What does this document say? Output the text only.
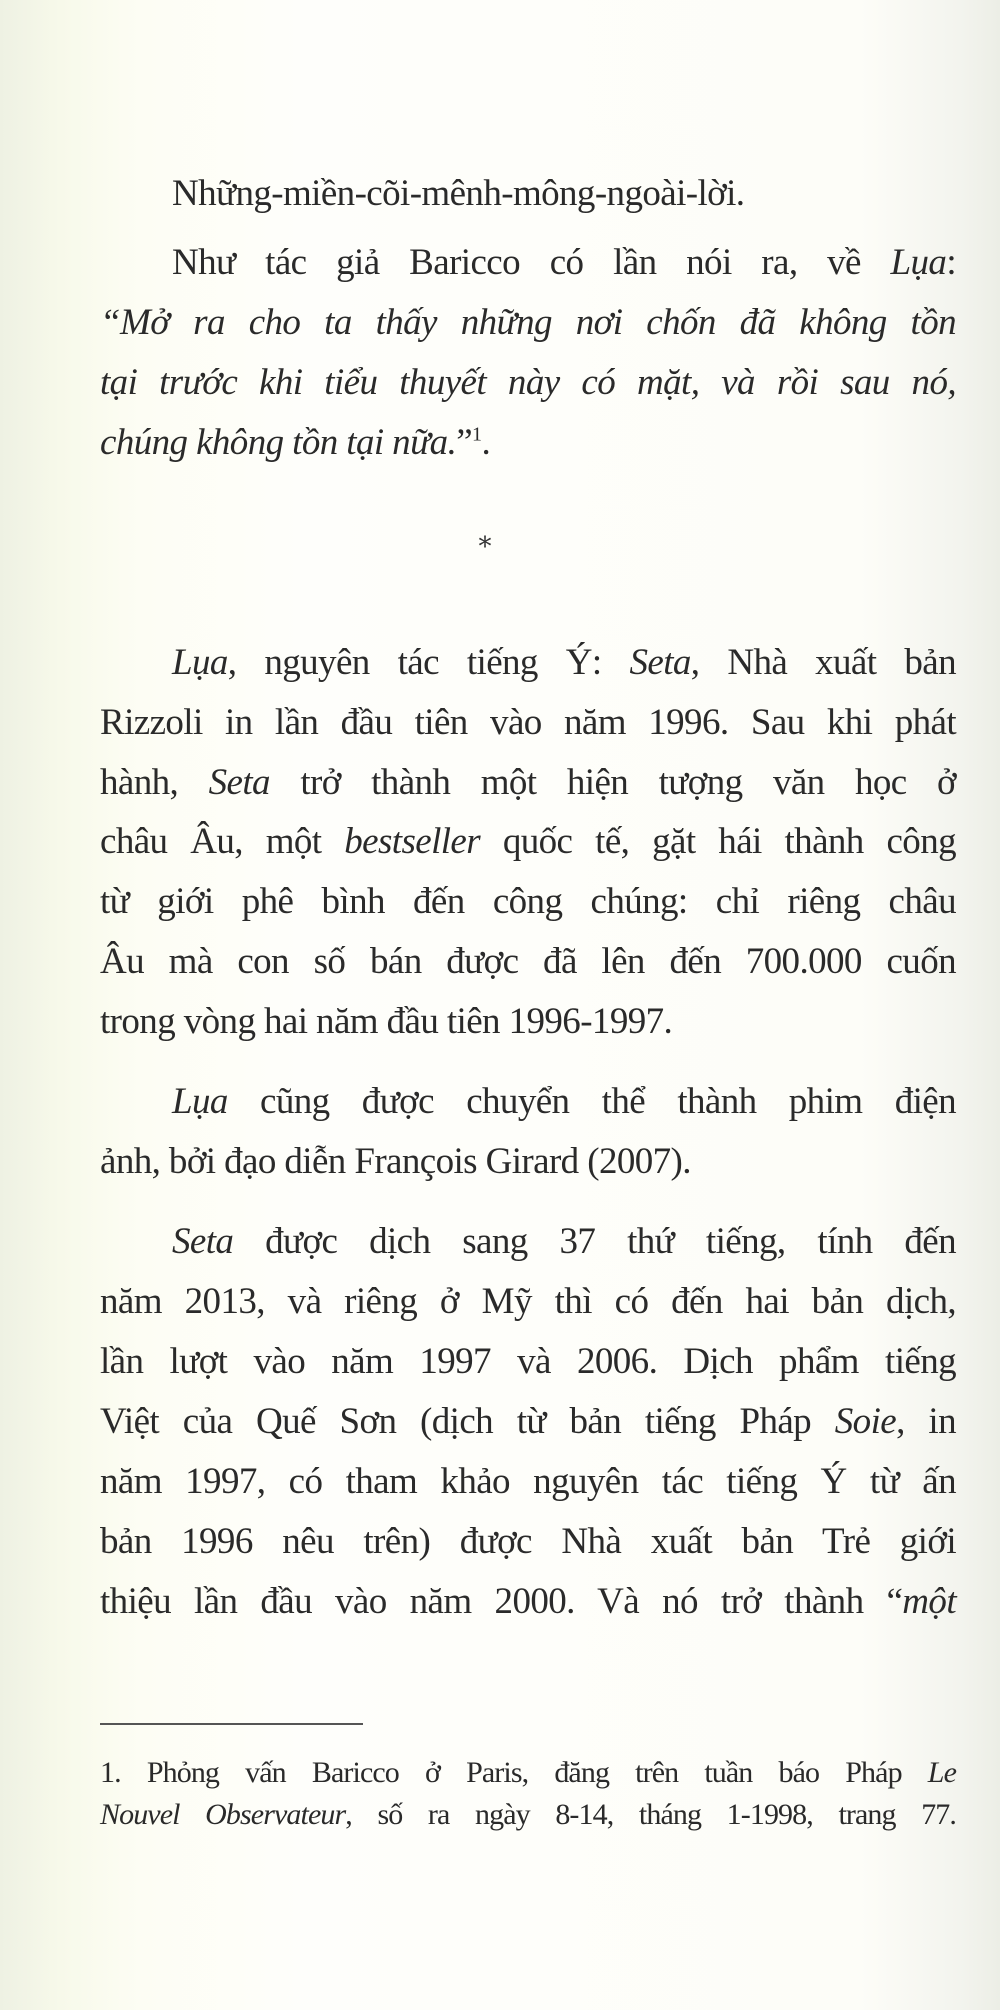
Những-miền-cõi-mênh-mông-ngoài-lời.
Như tác giả Baricco có lần nói ra, về Lụa:
“Mở ra cho ta thấy những nơi chốn đã không tồn
tại trước khi tiểu thuyết này có mặt, và rồi sau nó,
chúng không tồn tại nữa.”$^1$.
*
Lụa, nguyên tác tiếng Ý: Seta, Nhà xuất bản
Rizzoli in lần đầu tiên vào năm 1996. Sau khi phát
hành, Seta trở thành một hiện tượng văn học ở
châu Âu, một bestseller quốc tế, gặt hái thành công
từ giới phê bình đến công chúng: chỉ riêng châu
Âu mà con số bán được đã lên đến 700.000 cuốn
trong vòng hai năm đầu tiên 1996-1997.
Lụa cũng được chuyển thể thành phim điện
ảnh, bởi đạo diễn François Girard (2007).
Seta được dịch sang 37 thứ tiếng, tính đến
năm 2013, và riêng ở Mỹ thì có đến hai bản dịch,
lần lượt vào năm 1997 và 2006. Dịch phẩm tiếng
Việt của Quế Sơn (dịch từ bản tiếng Pháp Soie, in
năm 1997, có tham khảo nguyên tác tiếng Ý từ ấn
bản 1996 nêu trên) được Nhà xuất bản Trẻ giới
thiệu lần đầu vào năm 2000. Và nó trở thành “một
1. Phỏng vấn Baricco ở Paris, đăng trên tuần báo Pháp Le
Nouvel Observateur, số ra ngày 8-14, tháng 1-1998, trang 77.
